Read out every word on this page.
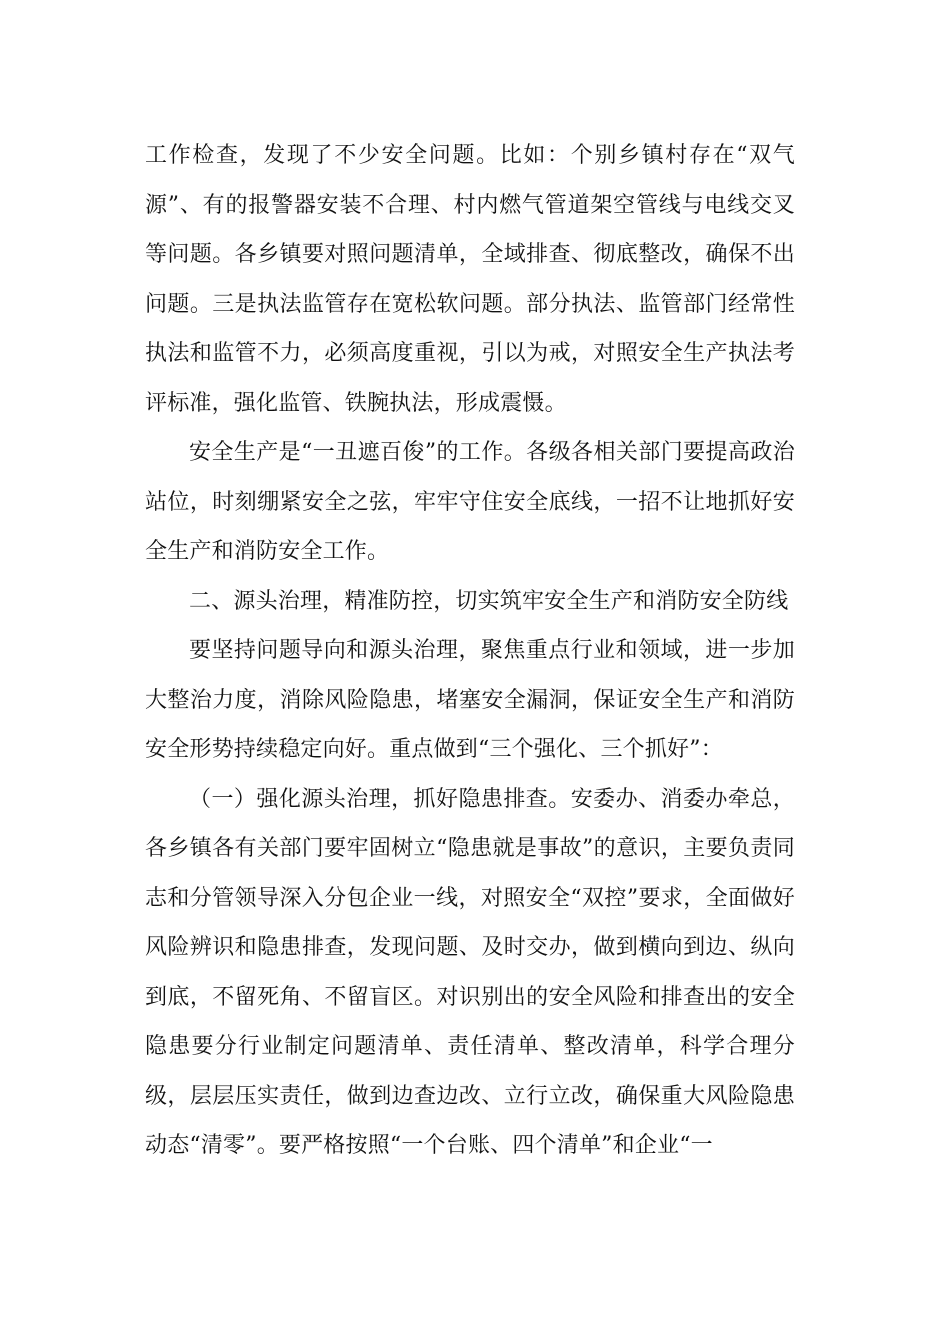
工作检查，发现了不少安全问题。比如：个别乡镇村存在“双气源”、有的报警器安装不合理、村内燃气管道架空管线与电线交叉等问题。各乡镇要对照问题清单，全域排查、彻底整改，确保不出问题。三是执法监管存在宽松软问题。部分执法、监管部门经常性执法和监管不力，必须高度重视，引以为戒，对照安全生产执法考评标准，强化监管、铁腕执法，形成震慑。

安全生产是“一丑遮百俊”的工作。各级各相关部门要提高政治站位，时刻绷紧安全之弦，牢牢守住安全底线，一招不让地抓好安全生产和消防安全工作。

二、源头治理，精准防控，切实筑牢安全生产和消防安全防线

要坚持问题导向和源头治理，聚焦重点行业和领域，进一步加大整治力度，消除风险隐患，堵塞安全漏洞，保证安全生产和消防安全形势持续稳定向好。重点做到“三个强化、三个抓好”：

（一）强化源头治理，抓好隐患排查。安委办、消委办牵总，各乡镇各有关部门要牢固树立“隐患就是事故”的意识，主要负责同志和分管领导深入分包企业一线，对照安全“双控”要求，全面做好风险辨识和隐患排查，发现问题、及时交办，做到横向到边、纵向到底，不留死角、不留盲区。对识别出的安全风险和排查出的安全隐患要分行业制定问题清单、责任清单、整改清单，科学合理分级，层层压实责任，做到边查边改、立行立改，确保重大风险隐患动态“清零”。要严格按照“一个台账、四个清单”和企业“一
